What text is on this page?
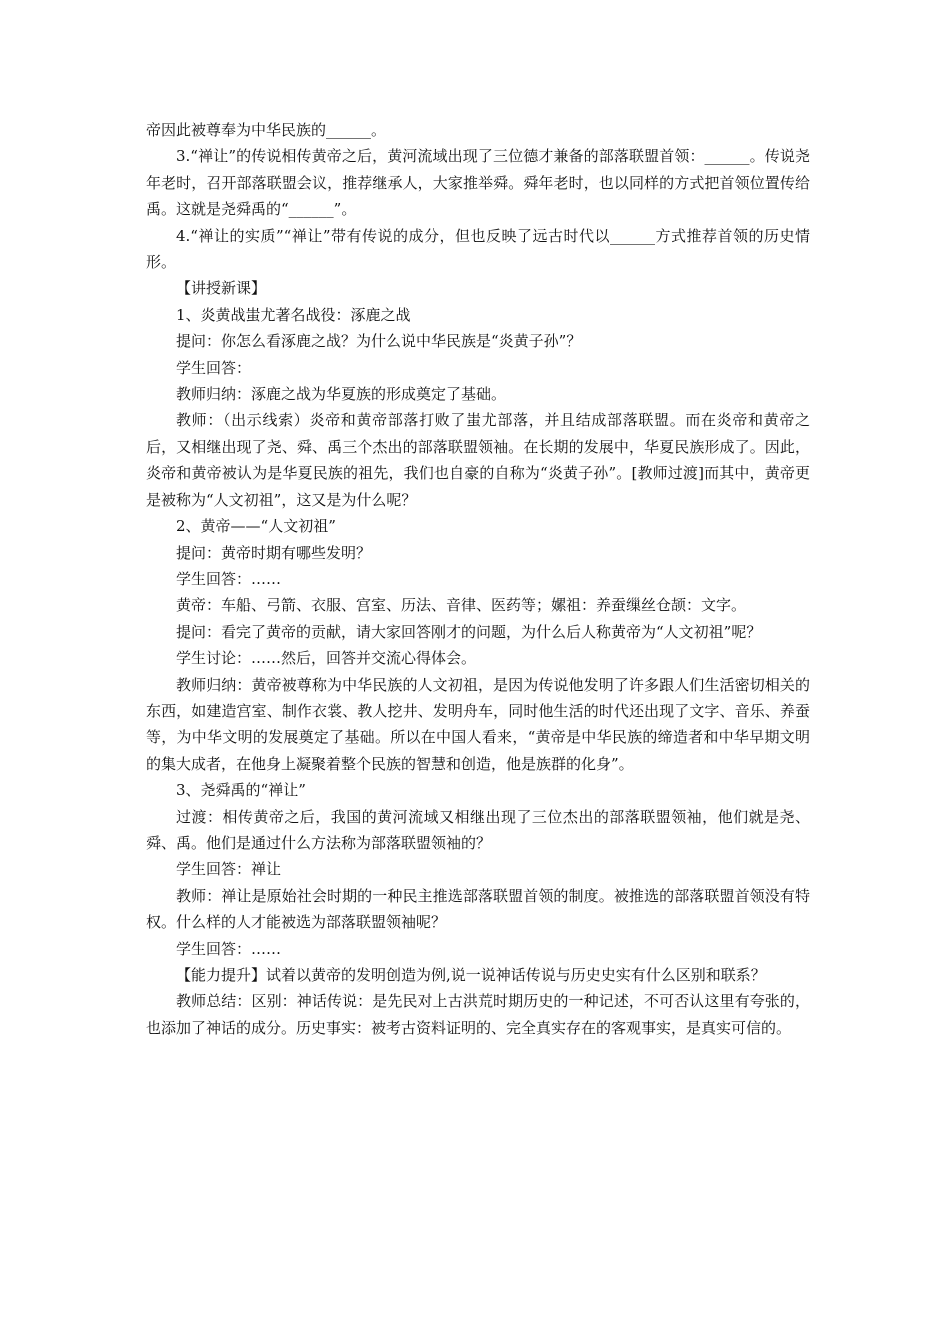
帝因此被尊奉为中华民族的______。

3.“禅让”的传说相传黄帝之后，黄河流域出现了三位德才兼备的部落联盟首领：______。传说尧年老时，召开部落联盟会议，推荐继承人，大家推举舜。舜年老时，也以同样的方式把首领位置传给禹。这就是尧舜禹的“______”。

4.“禅让的实质”“禅让”带有传说的成分，但也反映了远古时代以______方式推荐首领的历史情形。

【讲授新课】

1、炎黄战蚩尤著名战役：涿鹿之战

提问：你怎么看涿鹿之战？为什么说中华民族是“炎黄子孙”？

学生回答：

教师归纳：涿鹿之战为华夏族的形成奠定了基础。

教师：（出示线索）炎帝和黄帝部落打败了蚩尤部落，并且结成部落联盟。而在炎帝和黄帝之后，又相继出现了尧、舜、禹三个杰出的部落联盟领袖。在长期的发展中，华夏民族形成了。因此，炎帝和黄帝被认为是华夏民族的祖先，我们也自豪的自称为“炎黄子孙”。[教师过渡]而其中，黄帝更是被称为“人文初祖”，这又是为什么呢？

2、黄帝——“人文初祖”

提问：黄帝时期有哪些发明？

学生回答：……

黄帝：车船、弓箭、衣服、宫室、历法、音律、医药等；嫘祖：养蚕缫丝仓颉：文字。

提问：看完了黄帝的贡献，请大家回答刚才的问题，为什么后人称黄帝为“人文初祖”呢？

学生讨论：……然后，回答并交流心得体会。

教师归纳：黄帝被尊称为中华民族的人文初祖，是因为传说他发明了许多跟人们生活密切相关的东西，如建造宫室、制作衣裳、教人挖井、发明舟车，同时他生活的时代还出现了文字、音乐、养蚕等，为中华文明的发展奠定了基础。所以在中国人看来，“黄帝是中华民族的缔造者和中华早期文明的集大成者，在他身上凝聚着整个民族的智慧和创造，他是族群的化身”。

3、尧舜禹的“禅让”

过渡：相传黄帝之后，我国的黄河流域又相继出现了三位杰出的部落联盟领袖，他们就是尧、舜、禹。他们是通过什么方法称为部落联盟领袖的？

学生回答：禅让

教师：禅让是原始社会时期的一种民主推选部落联盟首领的制度。被推选的部落联盟首领没有特权。什么样的人才能被选为部落联盟领袖呢？

学生回答：……

【能力提升】试着以黄帝的发明创造为例,说一说神话传说与历史史实有什么区别和联系？

教师总结：区别：神话传说：是先民对上古洪荒时期历史的一种记述，不可否认这里有夸张的，也添加了神话的成分。历史事实：被考古资料证明的、完全真实存在的客观事实，是真实可信的。
